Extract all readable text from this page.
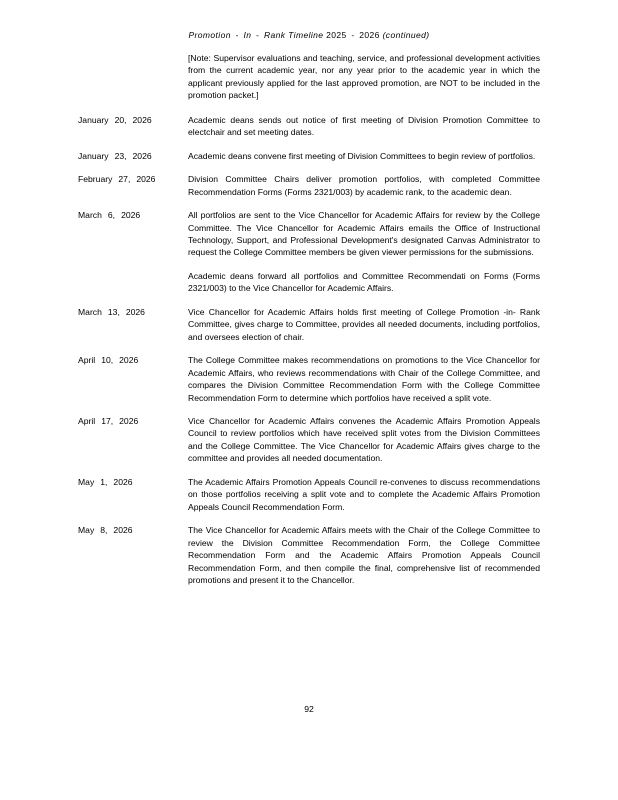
Promotion - In - Rank Timeline 2025 - 2026 (continued)
[Note: Supervisor evaluations and teaching, service, and professional development activities from the current academic year, nor any year prior to the academic year in which the applicant previously applied for the last approved promotion, are NOT to be included in the promotion packet.]
January 20, 2026	Academic deans sends out notice of first meeting of Division Promotion Committee to electchair and set meeting dates.

January 23, 2026	Academic deans convene first meeting of Division Committees to begin review of portfolios.

February 27, 2026	Division Committee Chairs deliver promotion portfolios, with completed Committee Recommendation Forms (Forms 2321/003) by academic rank, to the academic dean.

March 6, 2026	All portfolios are sent to the Vice Chancellor for Academic Affairs for review by the College Committee. The Vice Chancellor for Academic Affairs emails the Office of Instructional Technology, Support, and Professional Development's designated Canvas Administrator to request the College Committee members be given viewer permissions for the submissions.

Academic deans forward all portfolios and Committee Recommendati on Forms (Forms 2321/003) to the Vice Chancellor for Academic Affairs.

March 13, 2026	Vice Chancellor for Academic Affairs holds first meeting of College Promotion -in- Rank Committee, gives charge to Committee, provides all needed documents, including portfolios, and oversees election of chair.

April 10, 2026	The College Committee makes recommendations on promotions to the Vice Chancellor for Academic Affairs, who reviews recommendations with Chair of the College Committee, and compares the Division Committee Recommendation Form with the College Committee Recommendation Form to determine which portfolios have received a split vote.

April 17, 2026	Vice Chancellor for Academic Affairs convenes the Academic Affairs Promotion Appeals Council to review portfolios which have received split votes from the Division Committees and the College Committee. The Vice Chancellor for Academic Affairs gives charge to the committee and provides all needed documentation.

May 1, 2026	The Academic Affairs Promotion Appeals Council re-convenes to discuss recommendations on those portfolios receiving a split vote and to complete the Academic Affairs Promotion Appeals Council Recommendation Form.

May 8, 2026	The Vice Chancellor for Academic Affairs meets with the Chair of the College Committee to review the Division Committee Recommendation Form, the College Committee Recommendation Form and the Academic Affairs Promotion Appeals Council Recommendation Form, and then compile the final, comprehensive list of recommended promotions and present it to the Chancellor.

92
